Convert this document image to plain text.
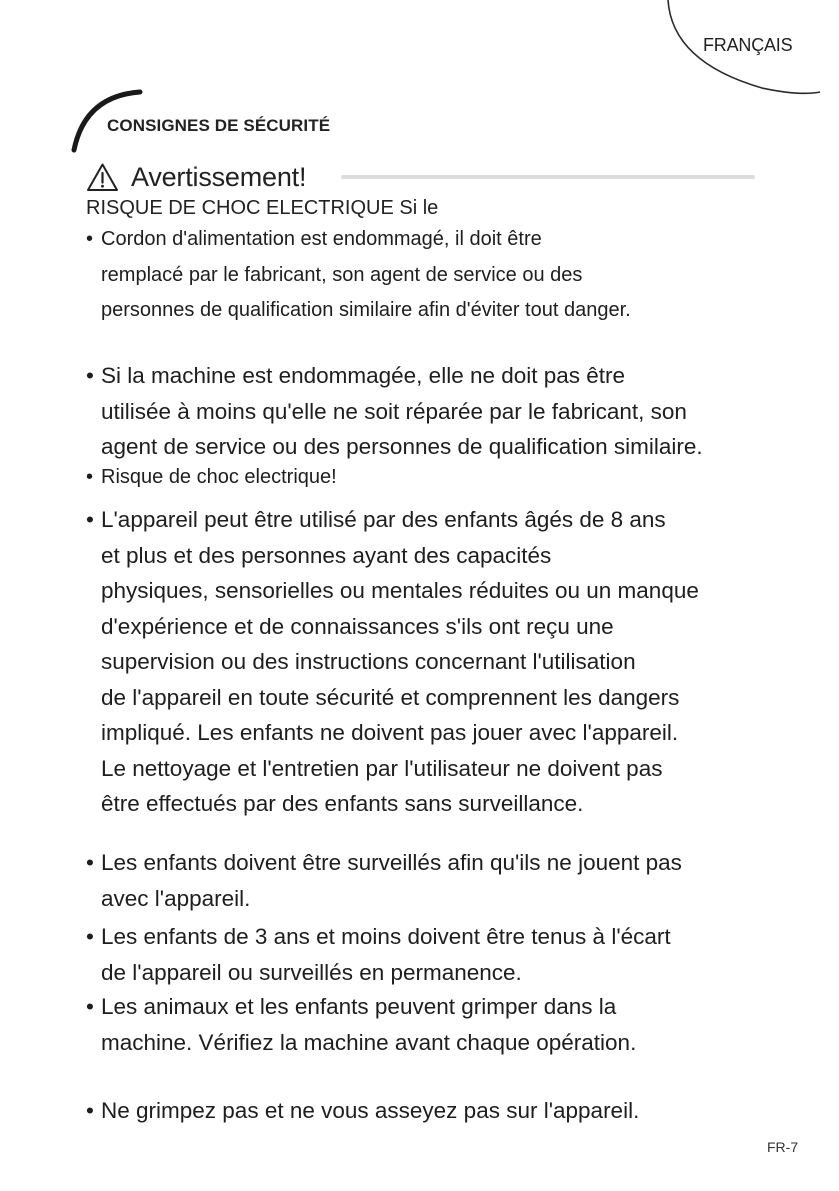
FRANÇAIS
CONSIGNES DE SÉCURITÉ
Avertissement!
RISQUE DE CHOC ELECTRIQUE Si le
• Cordon d'alimentation est endommagé, il doit être
remplacé par le fabricant, son agent de service ou des
personnes de qualification similaire afin d'éviter tout danger.
• Si la machine est endommagée, elle ne doit pas être
utilisée à moins qu'elle ne soit réparée par le fabricant, son
agent de service ou des personnes de qualification similaire.
• Risque de choc electrique!
• L'appareil peut être utilisé par des enfants âgés de 8 ans
et plus et des personnes ayant des capacités
physiques, sensorielles ou mentales réduites ou un manque
d'expérience et de connaissances s'ils ont reçu une
supervision ou des instructions concernant l'utilisation
de l'appareil en toute sécurité et comprennent les dangers
impliqué. Les enfants ne doivent pas jouer avec l'appareil.
Le nettoyage et l'entretien par l'utilisateur ne doivent pas
être effectués par des enfants sans surveillance.
• Les enfants doivent être surveillés afin qu'ils ne jouent pas
avec l'appareil.
• Les enfants de 3 ans et moins doivent être tenus à l'écart
de l'appareil ou surveillés en permanence.
• Les animaux et les enfants peuvent grimper dans la
machine. Vérifiez la machine avant chaque opération.
• Ne grimpez pas et ne vous asseyez pas sur l'appareil.
FR-7
